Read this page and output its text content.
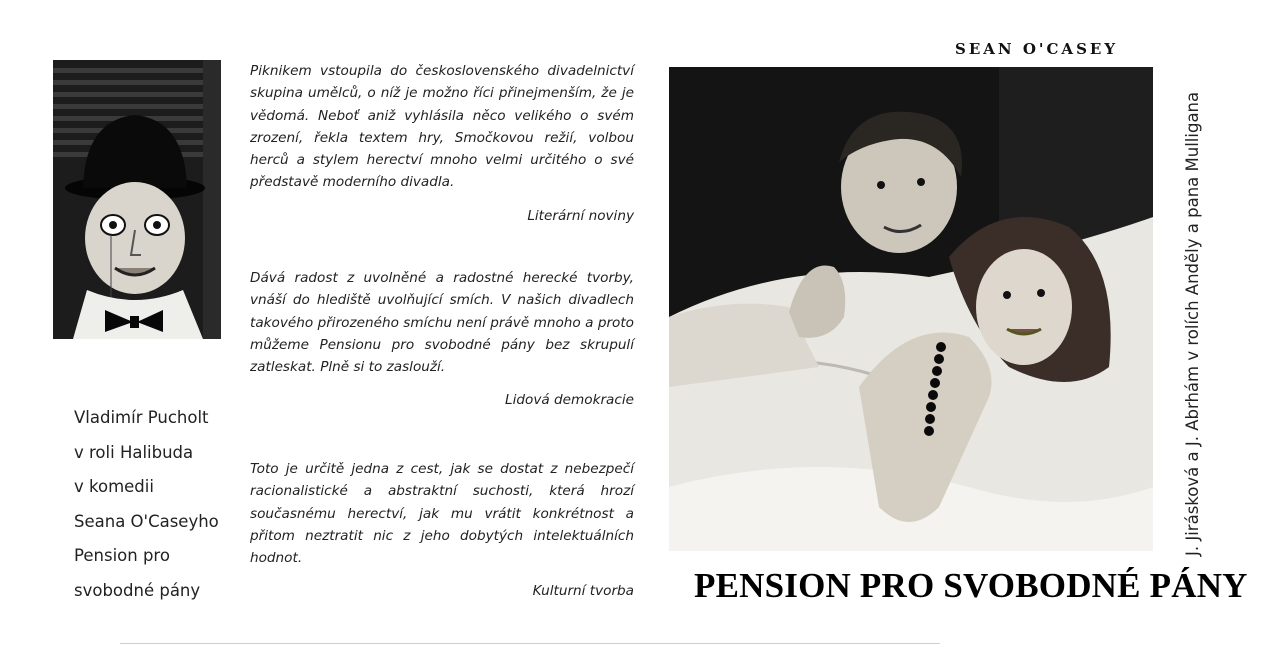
Piknikem vstoupila do československého divadelnictví skupina umělců, o níž je možno říci přinejmenším, že je vědomá. Neboť aniž vyhlásila něco velikého o svém zrození, řekla textem hry, Smočkovou režií, volbou herců a stylem herectví mnoho velmi určitého o své představě moderního divadla.

Literární noviny

Dává radost z uvolněné a radostné herecké tvorby, vnáší do hlediště uvolňující smích. V našich divadlech takového přirozeného smíchu není právě mnoho a proto můžeme Pensionu pro svobodné pány bez skrupulí zatleskat. Plně si to zaslouží.

Lidová demokracie

Toto je určitě jedna z cest, jak se dostat z nebezpečí racionalistické a abstraktní suchosti, která hrozí současnému herectví, jak mu vrátit konkrétnost a přitom neztratit nic z jeho dobytých intelektuálních hodnot.

Kulturní tvorba
Vladimír Pucholt
v roli Halibuda
v komedii
Seana O'Caseyho
Pension pro
svobodné pány
SEAN O'CASEY
J. Jirásková a J. Abrhám v rolích Anděly a pana Mulligana
PENSION PRO SVOBODNÉ PÁNY
